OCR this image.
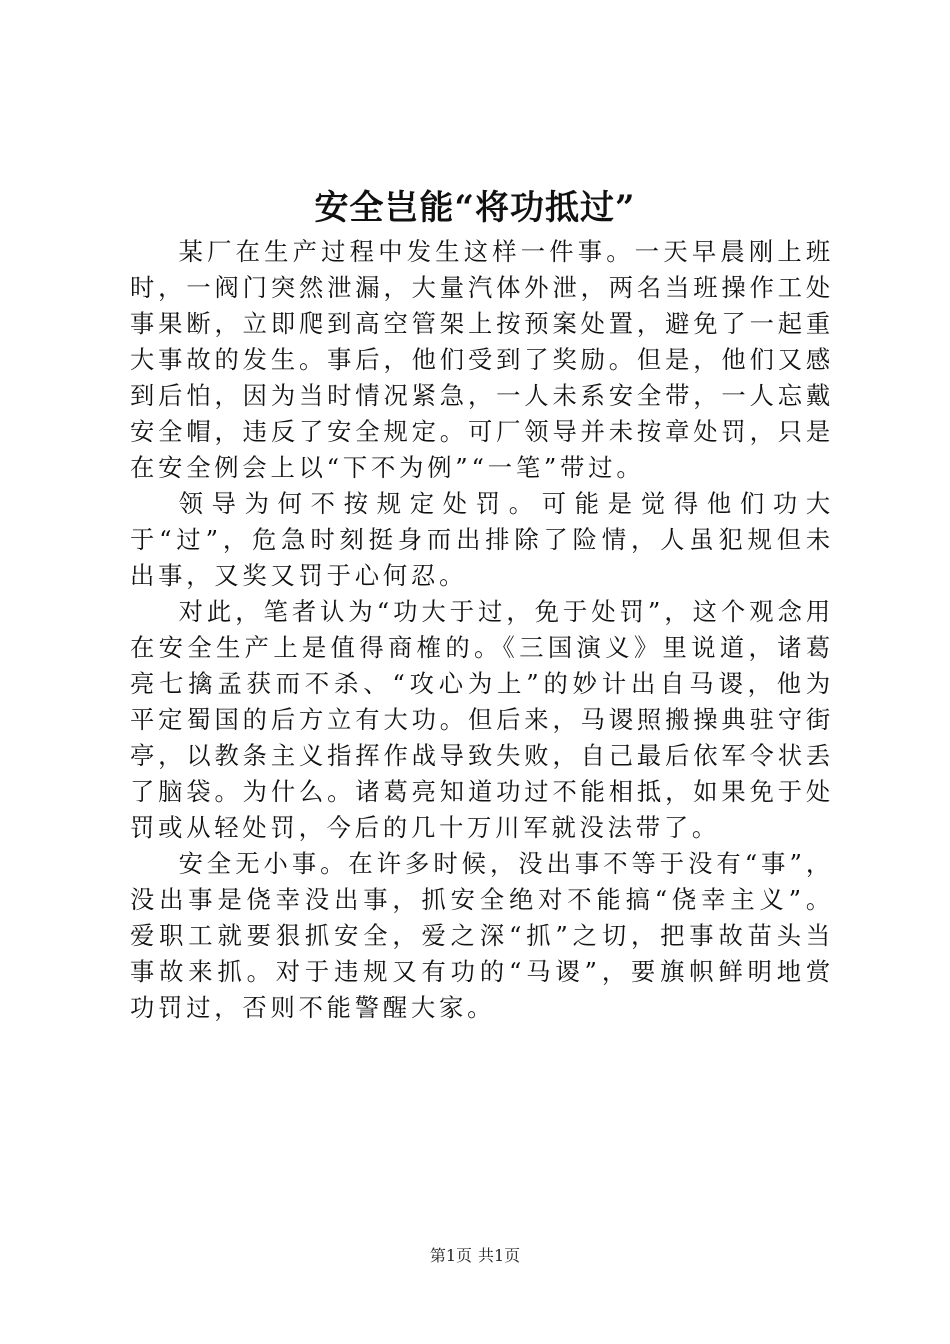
安全岂能“将功抵过”

某厂在生产过程中发生这样一件事。一天早晨刚上班时，一阀门突然泄漏，大量汽体外泄，两名当班操作工处事果断，立即爬到高空管架上按预案处置，避免了一起重大事故的发生。事后，他们受到了奖励。但是，他们又感到后怕，因为当时情况紧急，一人未系安全带，一人忘戴安全帽，违反了安全规定。可厂领导并未按章处罚，只是在安全例会上以“下不为例”“一笔”带过。

领导为何不按规定处罚。可能是觉得他们功大于“过”，危急时刻挺身而出排除了险情，人虽犯规但未出事，又奖又罚于心何忍。

对此，笔者认为“功大于过，免于处罚”，这个观念用在安全生产上是值得商榷的。《三国演义》里说道，诸葛亮七擒孟获而不杀、“攻心为上”的妙计出自马谡，他为平定蜀国的后方立有大功。但后来，马谡照搬操典驻守街亭，以教条主义指挥作战导致失败，自己最后依军令状丢了脑袋。为什么。诸葛亮知道功过不能相抵，如果免于处罚或从轻处罚，今后的几十万川军就没法带了。

安全无小事。在许多时候，没出事不等于没有“事”，没出事是侥幸没出事，抓安全绝对不能搞“侥幸主义”。爱职工就要狠抓安全，爱之深“抓”之切，把事故苗头当事故来抓。对于违规又有功的“马谡”，要旗帜鲜明地赏功罚过，否则不能警醒大家。

第1页 共1页
